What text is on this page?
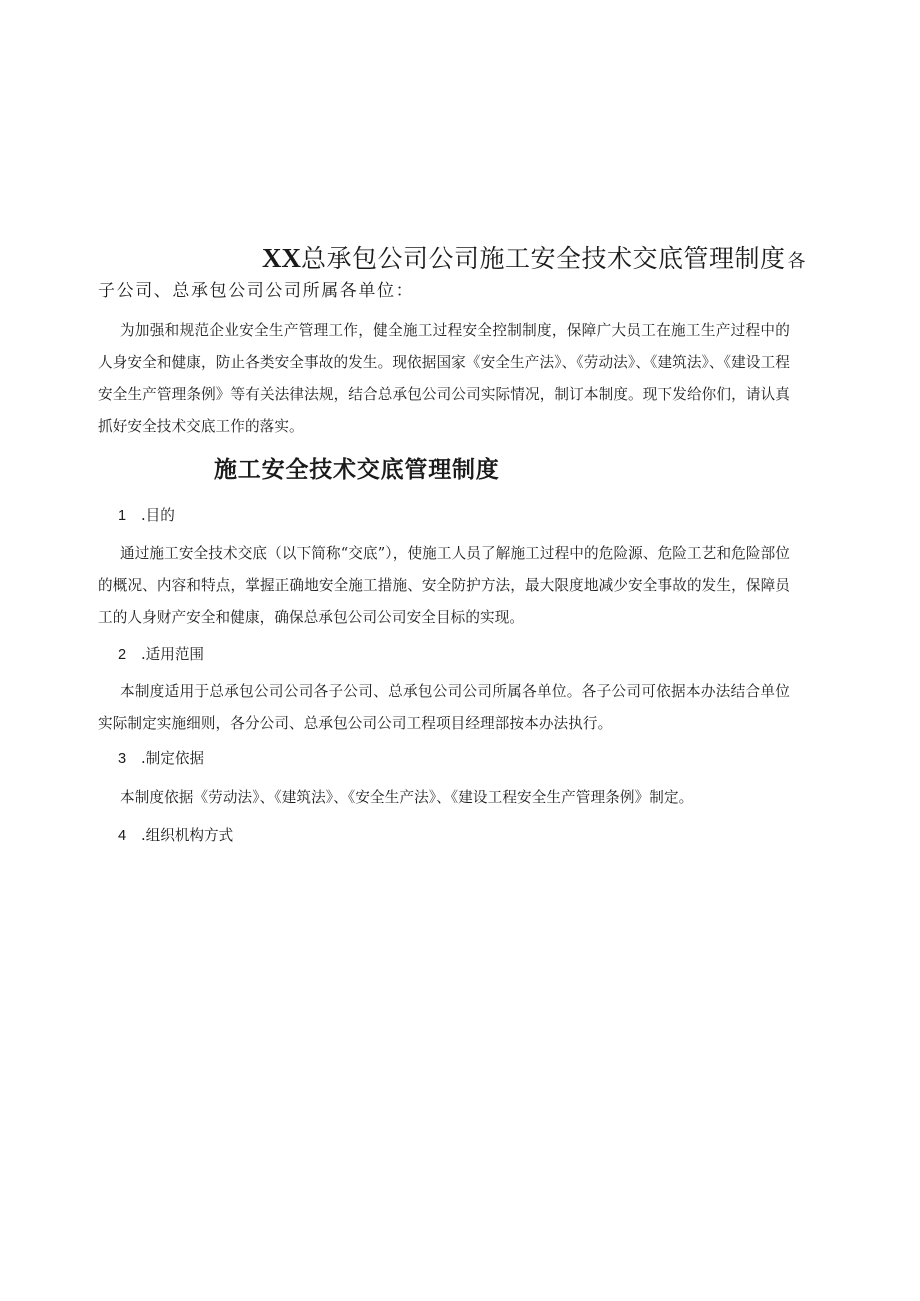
XX总承包公司公司施工安全技术交底管理制度 各
子公司、总承包公司公司所属各单位：
为加强和规范企业安全生产管理工作，健全施工过程安全控制制度，保障广大员工在施工生产过程中的人身安全和健康，防止各类安全事故的发生。现依据国家《安全生产法》、《劳动法》、《建筑法》、《建设工程安全生产管理条例》等有关法律法规，结合总承包公司公司实际情况，制订本制度。现下发给你们，请认真抓好安全技术交底工作的落实。
施工安全技术交底管理制度
1 .目的
通过施工安全技术交底（以下简称“交底”），使施工人员了解施工过程中的危险源、危险工艺和危险部位的概况、内容和特点，掌握正确地安全施工措施、安全防护方法，最大限度地减少安全事故的发生，保障员工的人身财产安全和健康，确保总承包公司公司安全目标的实现。
2 .适用范围
本制度适用于总承包公司公司各子公司、总承包公司公司所属各单位。各子公司可依据本办法结合单位实际制定实施细则，各分公司、总承包公司公司工程项目经理部按本办法执行。
3 .制定依据
本制度依据《劳动法》、《建筑法》、《安全生产法》、《建设工程安全生产管理条例》制定。
4 .组织机构方式
